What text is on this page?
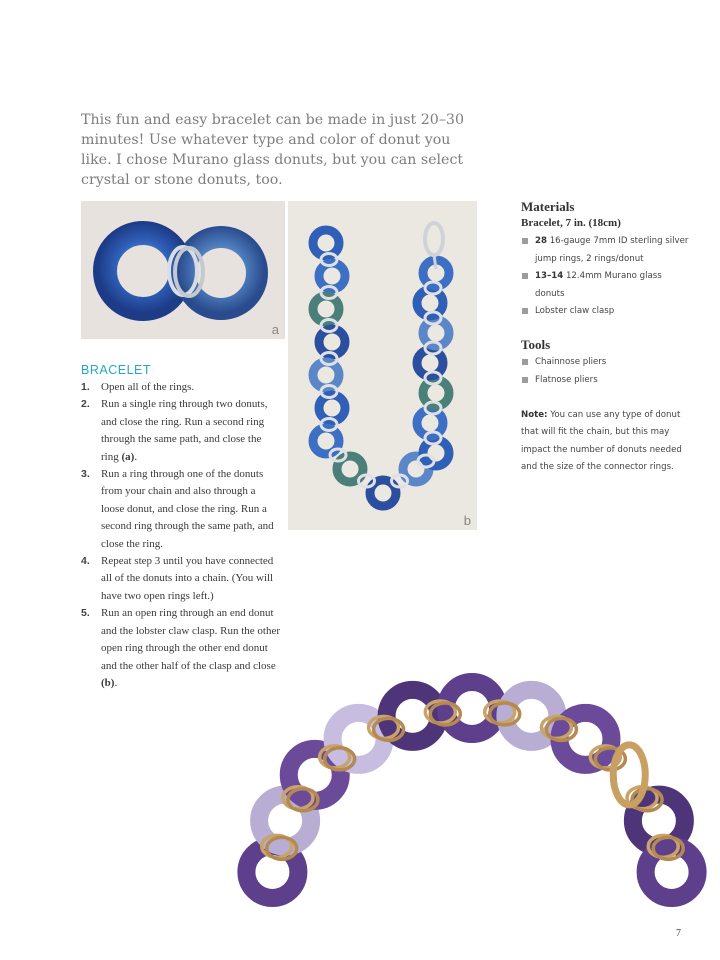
This fun and easy bracelet can be made in just 20–30 minutes! Use whatever type and color of donut you like. I chose Murano glass donuts, but you can select crystal or stone donuts, too.

a
b
BRACELET
1. Open all of the rings.
2. Run a single ring through two donuts, and close the ring. Run a second ring through the same path, and close the ring (a).
3. Run a ring through one of the donuts from your chain and also through a loose donut, and close the ring. Run a second ring through the same path, and close the ring.
4. Repeat step 3 until you have connected all of the donuts into a chain. (You will have two open rings left.)
5. Run an open ring through an end donut and the lobster claw clasp. Run the other open ring through the other end donut and the other half of the clasp and close (b).
Materials

Bracelet, 7 in. (18cm)

28 16-gauge 7mm ID sterling silver jump rings, 2 rings/donut
13–14 12.4mm Murano glass donuts
Lobster claw clasp
Tools
Chainnose pliers
Flatnose pliers

Note: You can use any type of donut that will fit the chain, but this may impact the number of donuts needed and the size of the connector rings.

7
